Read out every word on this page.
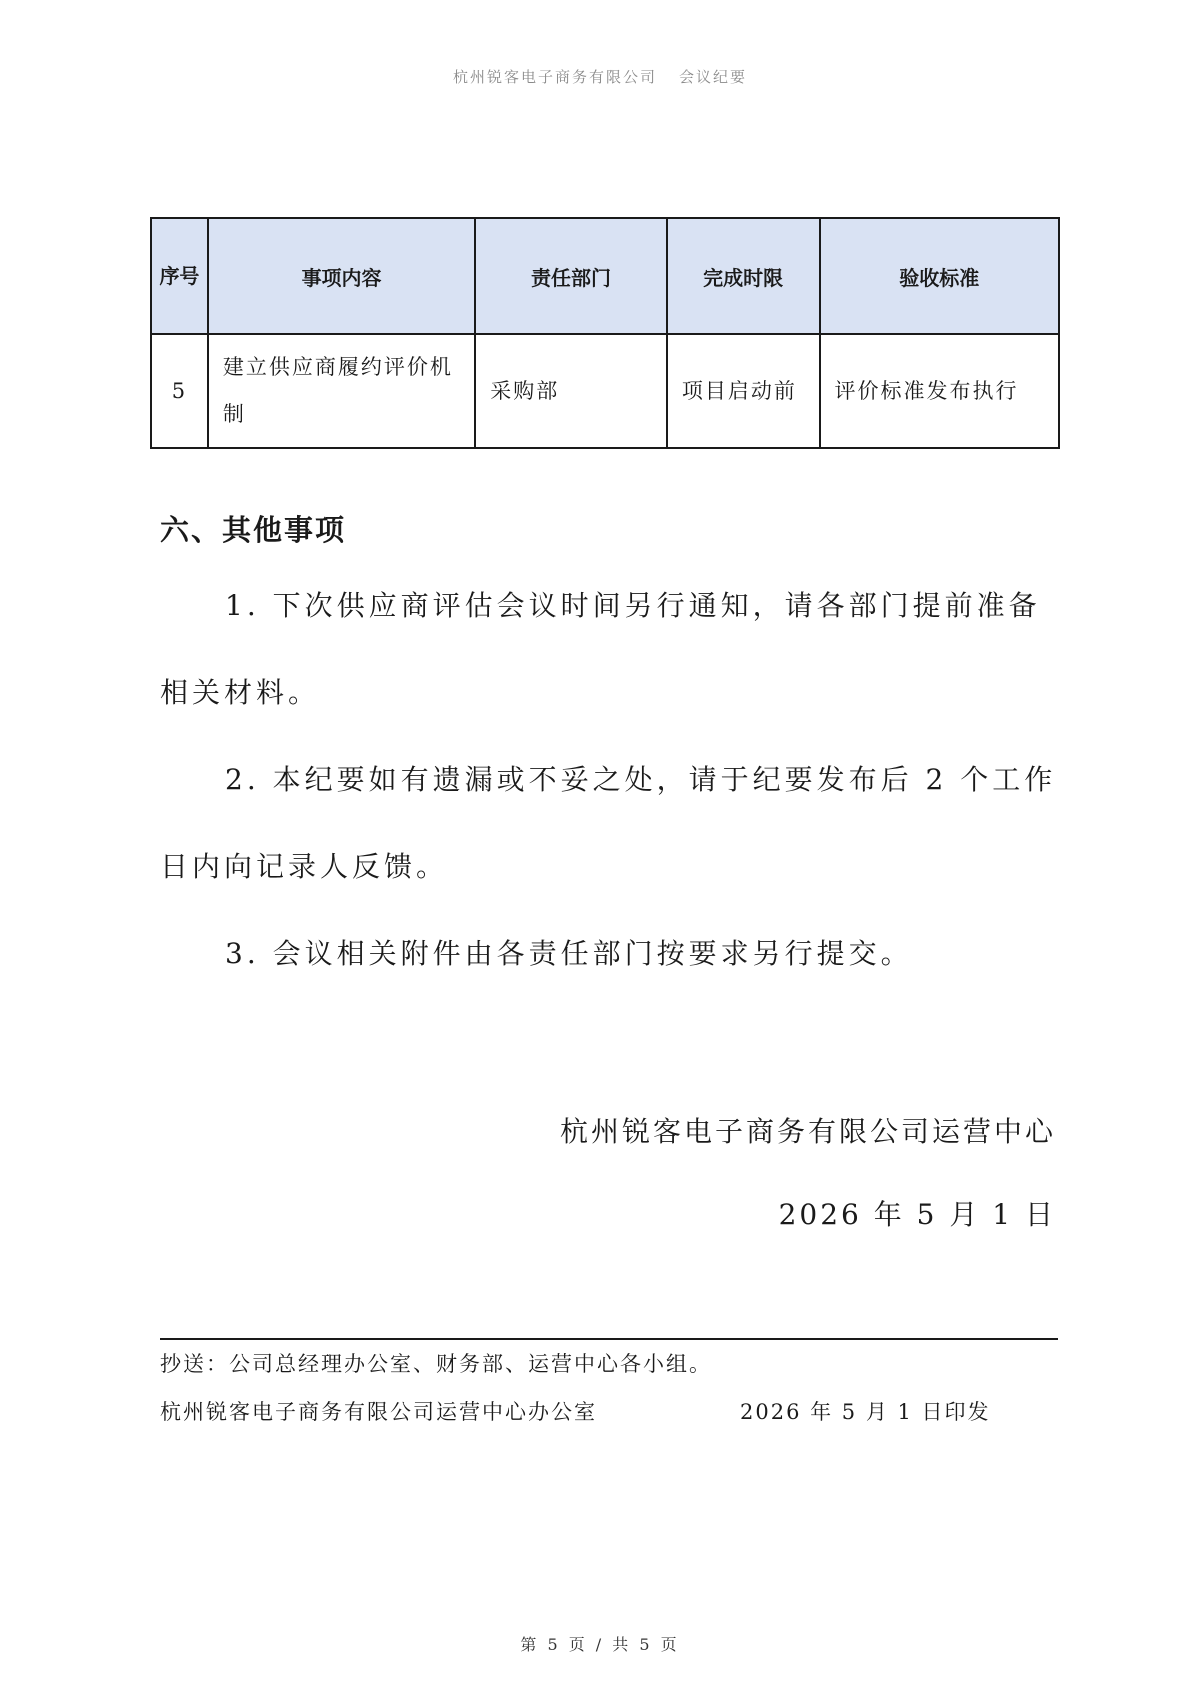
杭州锐客电子商务有限公司 会议纪要
序号	事项内容	责任部门	完成时限	验收标准
5	建立供应商履约评价机制	采购部	项目启动前	评价标准发布执行
六、其他事项
1. 下次供应商评估会议时间另行通知，请各部门提前准备相关材料。
2. 本纪要如有遗漏或不妥之处，请于纪要发布后 2 个工作日内向记录人反馈。
3. 会议相关附件由各责任部门按要求另行提交。
杭州锐客电子商务有限公司运营中心
2026 年 5 月 1 日
抄送：公司总经理办公室、财务部、运营中心各小组。
杭州锐客电子商务有限公司运营中心办公室	2026 年 5 月 1 日印发
第 5 页 / 共 5 页
